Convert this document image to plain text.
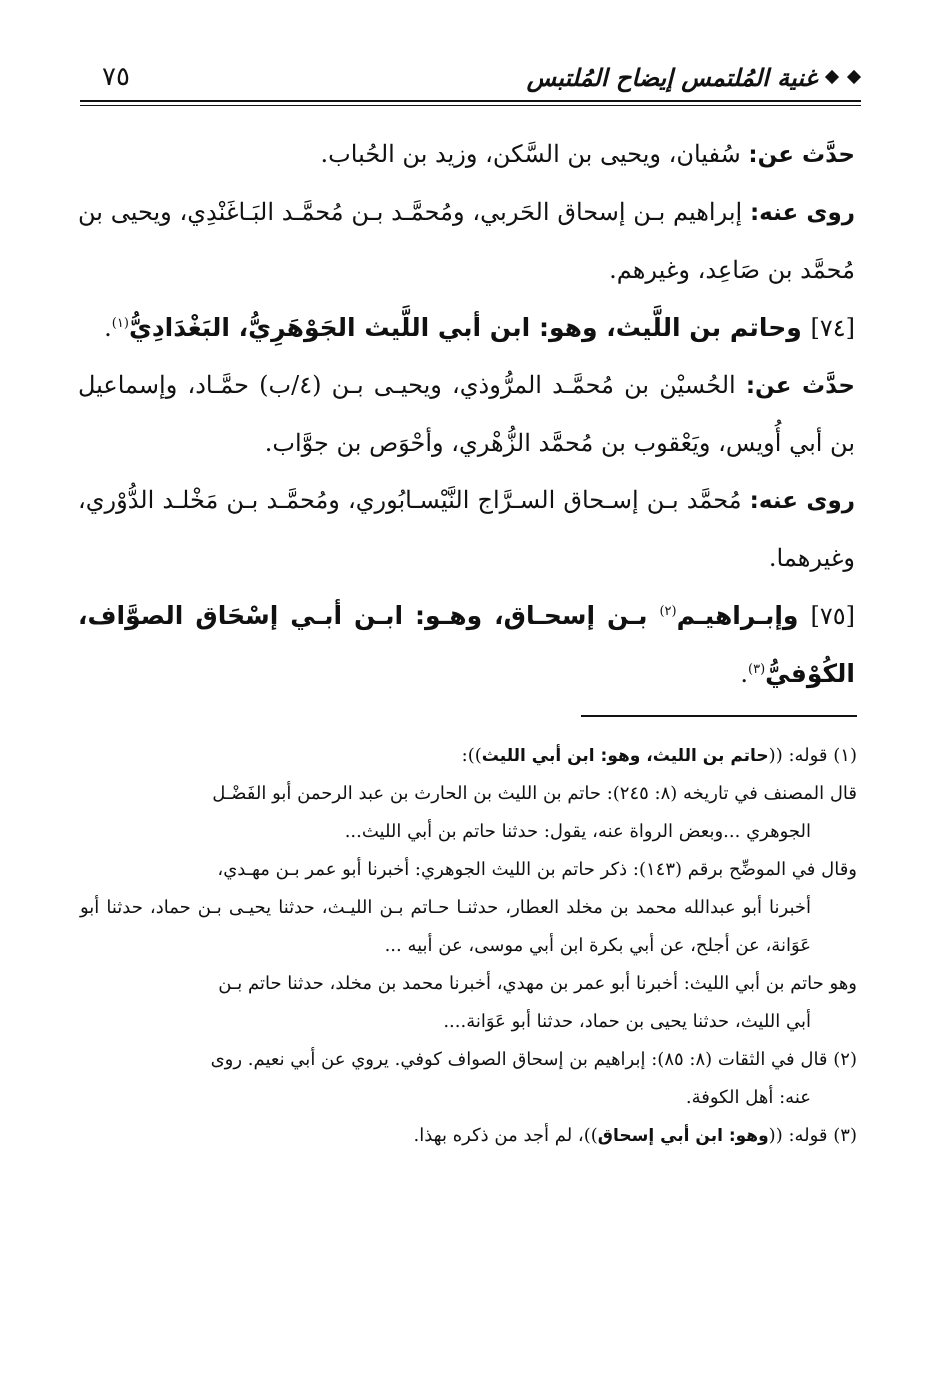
غنية المُلتمس إيضاح المُلتبس
٧٥

حدَّث عن: سُفيان، ويحيى بن السَّكن، وزيد بن الحُباب.

روى عنه: إبراهيم بـن إسحاق الحَربي، ومُحمَّـد بـن مُحمَّـد البَـاغَنْدِي، ويحيى بن مُحمَّد بن صَاعِد، وغيرهم.

[٧٤] وحاتم بن اللَّيث، وهو: ابن أبي اللَّيث الجَوْهَرِيُّ، البَغْدَادِيُّ$^{(١)}$.

حدَّث عن: الحُسيْن بن مُحمَّـد المرُّوذي، ويحيـى بـن (٤/ب) حمَّـاد، وإسماعيل بن أبي أُويس، ويَعْقوب بن مُحمَّد الزُّهْري، وأحْوَص بن جوَّاب.

روى عنه: مُحمَّد بـن إسـحاق السـرَّاج النَّيْسـابُوري، ومُحمَّـد بـن مَخْلـد الدُّوْري، وغيرهما.

[٧٥] وإبـراهيـم$^{(٢)}$ بـن إسحـاق، وهـو: ابـن أبـي إسْحَاق الصوَّاف، الكُوْفيُّ$^{(٣)}$.

(١) قوله: ((حاتم بن الليث، وهو: ابن أبي الليث)):

قال المصنف في تاريخه (٨: ٢٤٥): حاتم بن الليث بن الحارث بن عبد الرحمن أبو الفَضْـل
الجوهري ...وبعض الرواة عنه، يقول: حدثنا حاتم بن أبي الليث...

وقال في الموضِّح برقم (١٤٣): ذكر حاتم بن الليث الجوهري: أخبرنا أبو عمر بـن مهـدي،
أخبرنا أبو عبدالله محمد بن مخلد العطار، حدثنـا حـاتم بـن الليـث، حدثنا يحيـى بـن حماد، حدثنا أبو عَوَانة، عن أجلح، عن أبي بكرة ابن أبي موسى، عن أبيه ...

وهو حاتم بن أبي الليث: أخبرنا أبو عمر بن مهدي، أخبرنا محمد بن مخلد، حدثنا حاتم بـن
أبي الليث، حدثنا يحيى بن حماد، حدثنا أبو عَوَانة....

(٢) قال في الثقات (٨: ٨٥): إبراهيم بن إسحاق الصواف كوفي. يروي عن أبي نعيم. روى
عنه: أهل الكوفة.

(٣) قوله: ((وهو: ابن أبي إسحاق))، لم أجد من ذكره بهذا.
